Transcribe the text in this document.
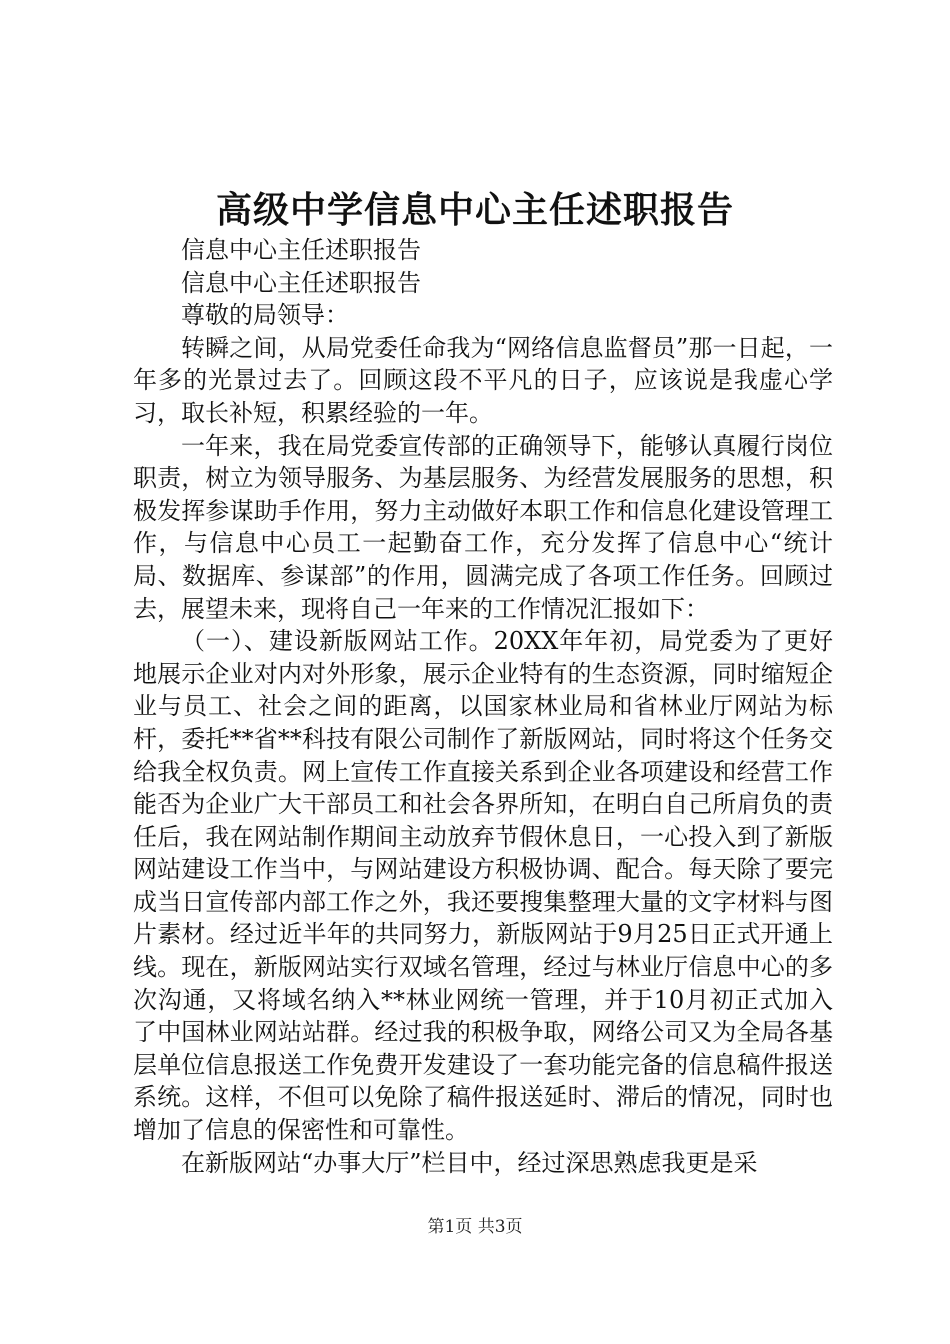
高级中学信息中心主任述职报告

信息中心主任述职报告

信息中心主任述职报告

尊敬的局领导：

转瞬之间，从局党委任命我为“网络信息监督员”那一日起，一年多的光景过去了。回顾这段不平凡的日子，应该说是我虚心学习，取长补短，积累经验的一年。

一年来，我在局党委宣传部的正确领导下，能够认真履行岗位职责，树立为领导服务、为基层服务、为经营发展服务的思想，积极发挥参谋助手作用，努力主动做好本职工作和信息化建设管理工作，与信息中心员工一起勤奋工作，充分发挥了信息中心“统计局、数据库、参谋部”的作用，圆满完成了各项工作任务。回顾过去，展望未来，现将自己一年来的工作情况汇报如下：

（一）、建设新版网站工作。20XX年年初，局党委为了更好地展示企业对内对外形象，展示企业特有的生态资源，同时缩短企业与员工、社会之间的距离，以国家林业局和省林业厅网站为标杆，委托**省**科技有限公司制作了新版网站，同时将这个任务交给我全权负责。网上宣传工作直接关系到企业各项建设和经营工作能否为企业广大干部员工和社会各界所知，在明白自己所肩负的责任后，我在网站制作期间主动放弃节假休息日，一心投入到了新版网站建设工作当中，与网站建设方积极协调、配合。每天除了要完成当日宣传部内部工作之外，我还要搜集整理大量的文字材料与图片素材。经过近半年的共同努力，新版网站于9月25日正式开通上线。现在，新版网站实行双域名管理，经过与林业厅信息中心的多次沟通，又将域名纳入**林业网统一管理，并于10月初正式加入了中国林业网站站群。经过我的积极争取，网络公司又为全局各基层单位信息报送工作免费开发建设了一套功能完备的信息稿件报送系统。这样，不但可以免除了稿件报送延时、滞后的情况，同时也增加了信息的保密性和可靠性。

在新版网站“办事大厅”栏目中，经过深思熟虑我更是采

第1页 共3页
